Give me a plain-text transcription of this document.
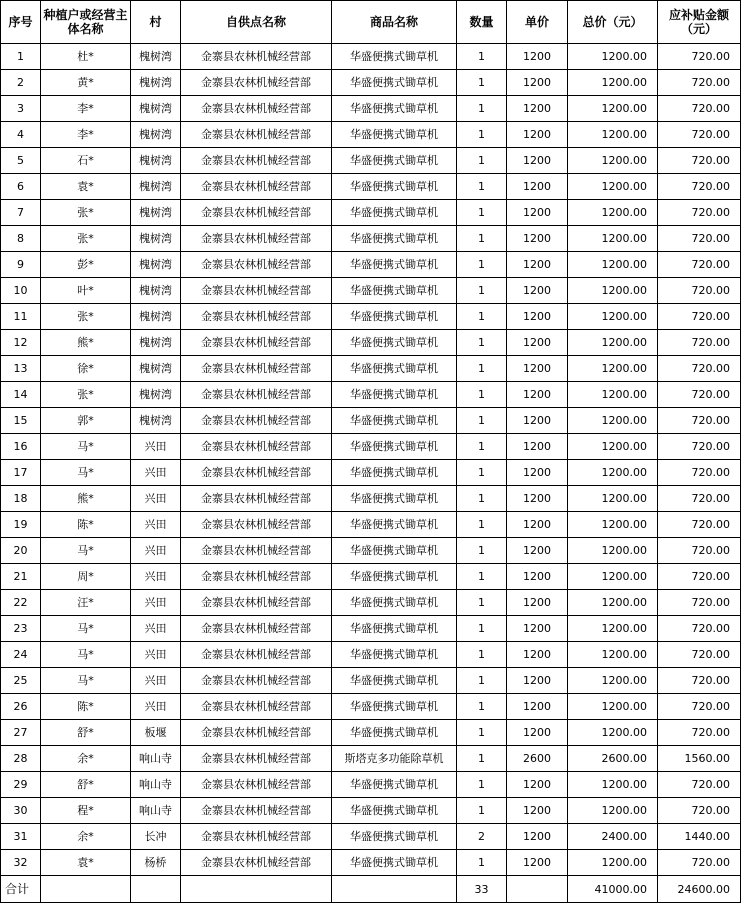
序号	种植户或经营主体名称	村	自供点名称	商品名称	数量	单价	总价（元）	应补贴金额（元）
1	杜*	槐树湾	金寨县农林机械经营部	华盛便携式锄草机	1	1200	1200.00	720.00
2	黄*	槐树湾	金寨县农林机械经营部	华盛便携式锄草机	1	1200	1200.00	720.00
3	李*	槐树湾	金寨县农林机械经营部	华盛便携式锄草机	1	1200	1200.00	720.00
4	李*	槐树湾	金寨县农林机械经营部	华盛便携式锄草机	1	1200	1200.00	720.00
5	石*	槐树湾	金寨县农林机械经营部	华盛便携式锄草机	1	1200	1200.00	720.00
6	袁*	槐树湾	金寨县农林机械经营部	华盛便携式锄草机	1	1200	1200.00	720.00
7	张*	槐树湾	金寨县农林机械经营部	华盛便携式锄草机	1	1200	1200.00	720.00
8	张*	槐树湾	金寨县农林机械经营部	华盛便携式锄草机	1	1200	1200.00	720.00
9	彭*	槐树湾	金寨县农林机械经营部	华盛便携式锄草机	1	1200	1200.00	720.00
10	叶*	槐树湾	金寨县农林机械经营部	华盛便携式锄草机	1	1200	1200.00	720.00
11	张*	槐树湾	金寨县农林机械经营部	华盛便携式锄草机	1	1200	1200.00	720.00
12	熊*	槐树湾	金寨县农林机械经营部	华盛便携式锄草机	1	1200	1200.00	720.00
13	徐*	槐树湾	金寨县农林机械经营部	华盛便携式锄草机	1	1200	1200.00	720.00
14	张*	槐树湾	金寨县农林机械经营部	华盛便携式锄草机	1	1200	1200.00	720.00
15	郭*	槐树湾	金寨县农林机械经营部	华盛便携式锄草机	1	1200	1200.00	720.00
16	马*	兴田	金寨县农林机械经营部	华盛便携式锄草机	1	1200	1200.00	720.00
17	马*	兴田	金寨县农林机械经营部	华盛便携式锄草机	1	1200	1200.00	720.00
18	熊*	兴田	金寨县农林机械经营部	华盛便携式锄草机	1	1200	1200.00	720.00
19	陈*	兴田	金寨县农林机械经营部	华盛便携式锄草机	1	1200	1200.00	720.00
20	马*	兴田	金寨县农林机械经营部	华盛便携式锄草机	1	1200	1200.00	720.00
21	周*	兴田	金寨县农林机械经营部	华盛便携式锄草机	1	1200	1200.00	720.00
22	汪*	兴田	金寨县农林机械经营部	华盛便携式锄草机	1	1200	1200.00	720.00
23	马*	兴田	金寨县农林机械经营部	华盛便携式锄草机	1	1200	1200.00	720.00
24	马*	兴田	金寨县农林机械经营部	华盛便携式锄草机	1	1200	1200.00	720.00
25	马*	兴田	金寨县农林机械经营部	华盛便携式锄草机	1	1200	1200.00	720.00
26	陈*	兴田	金寨县农林机械经营部	华盛便携式锄草机	1	1200	1200.00	720.00
27	舒*	板堰	金寨县农林机械经营部	华盛便携式锄草机	1	1200	1200.00	720.00
28	余*	响山寺	金寨县农林机械经营部	斯塔克多功能除草机	1	2600	2600.00	1560.00
29	舒*	响山寺	金寨县农林机械经营部	华盛便携式锄草机	1	1200	1200.00	720.00
30	程*	响山寺	金寨县农林机械经营部	华盛便携式锄草机	1	1200	1200.00	720.00
31	余*	长冲	金寨县农林机械经营部	华盛便携式锄草机	2	1200	2400.00	1440.00
32	袁*	杨桥	金寨县农林机械经营部	华盛便携式锄草机	1	1200	1200.00	720.00
合计					33		41000.00	24600.00
